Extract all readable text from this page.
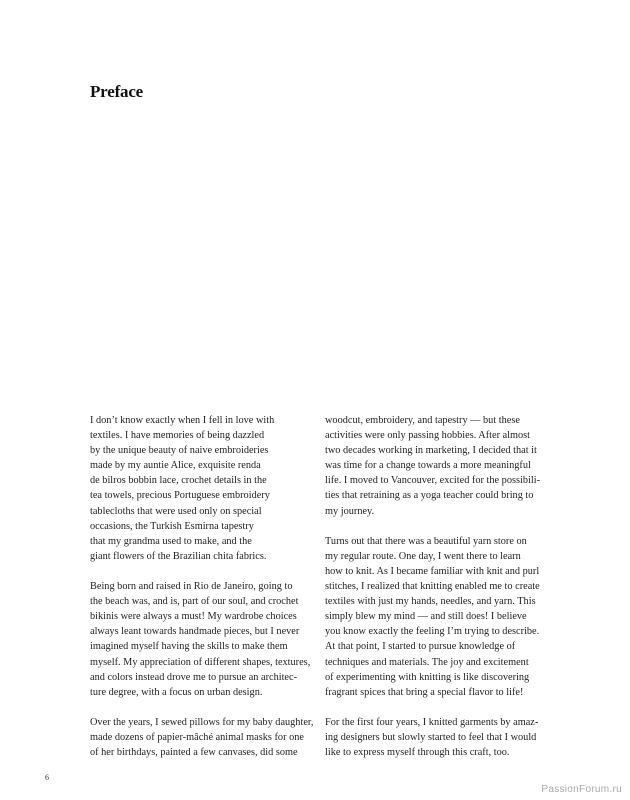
Preface

I don’t know exactly when I fell in love with
textiles. I have memories of being dazzled
by the unique beauty of naive embroideries
made by my auntie Alice, exquisite renda
de bilros bobbin lace, crochet details in the
tea towels, precious Portuguese embroidery
tablecloths that were used only on special
occasions, the Turkish Esmirna tapestry
that my grandma used to make, and the
giant flowers of the Brazilian chita fabrics.

Being born and raised in Rio de Janeiro, going to
the beach was, and is, part of our soul, and crochet
bikinis were always a must! My wardrobe choices
always leant towards handmade pieces, but I never
imagined myself having the skills to make them
myself. My appreciation of different shapes, textures,
and colors instead drove me to pursue an architec-
ture degree, with a focus on urban design.

Over the years, I sewed pillows for my baby daughter,
made dozens of papier-mâché animal masks for one
of her birthdays, painted a few canvases, did some

woodcut, embroidery, and tapestry — but these
activities were only passing hobbies. After almost
two decades working in marketing, I decided that it
was time for a change towards a more meaningful
life. I moved to Vancouver, excited for the possibili-
ties that retraining as a yoga teacher could bring to
my journey.

Turns out that there was a beautiful yarn store on
my regular route. One day, I went there to learn
how to knit. As I became familiar with knit and purl
stitches, I realized that knitting enabled me to create
textiles with just my hands, needles, and yarn. This
simply blew my mind — and still does! I believe
you know exactly the feeling I’m trying to describe.
At that point, I started to pursue knowledge of
techniques and materials. The joy and excitement
of experimenting with knitting is like discovering
fragrant spices that bring a special flavor to life!

For the first four years, I knitted garments by amaz-
ing designers but slowly started to feel that I would
like to express myself through this craft, too.

6
PassionForum.ru
